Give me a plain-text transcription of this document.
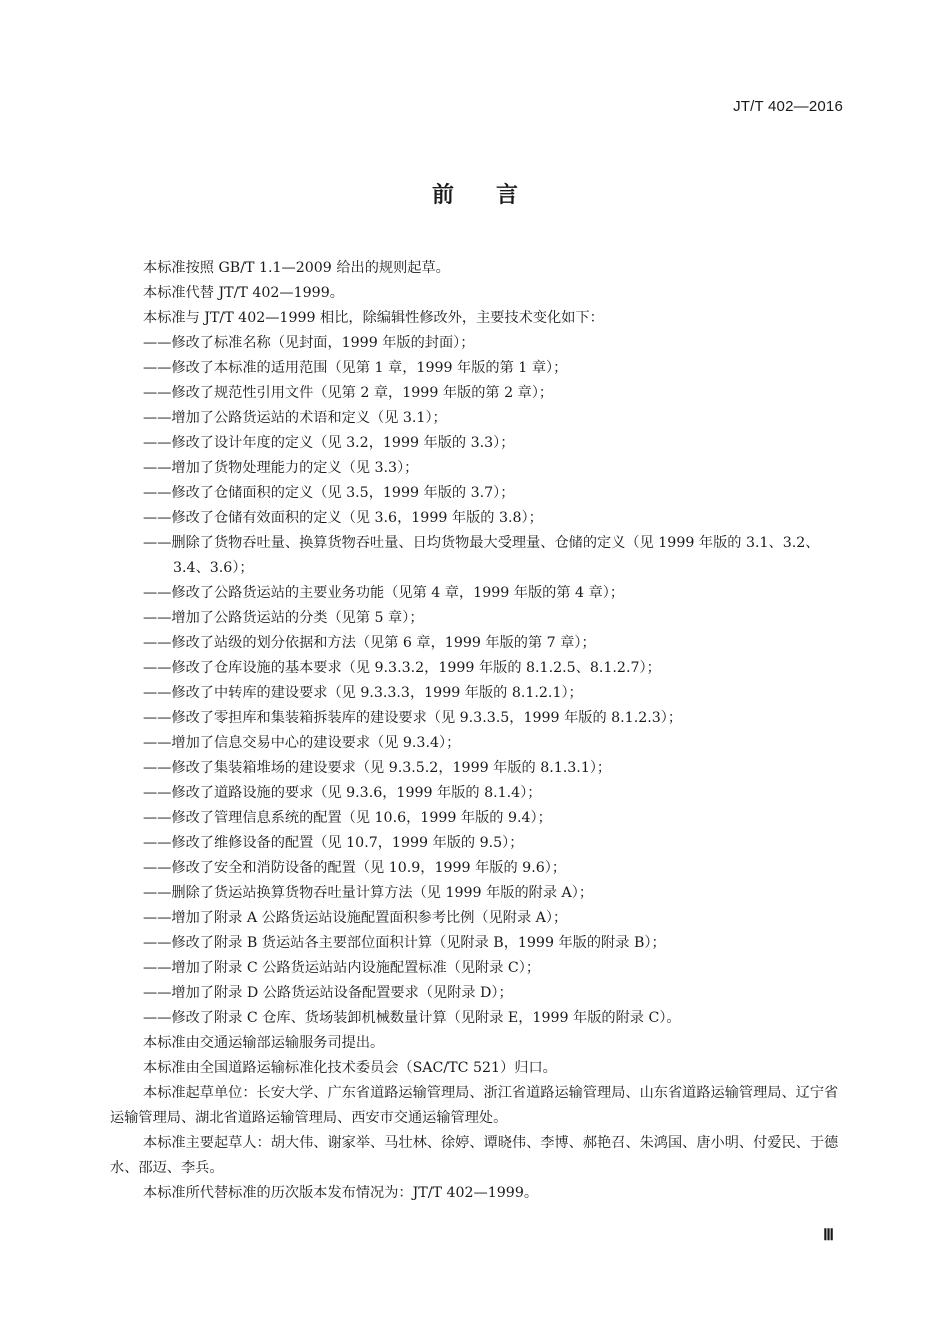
JT/T 402—2016
前言

本标准按照 GB/T 1.1—2009 给出的规则起草。

本标准代替 JT/T 402—1999。

本标准与 JT/T 402—1999 相比，除编辑性修改外，主要技术变化如下：

——修改了标准名称（见封面，1999 年版的封面）；

——修改了本标准的适用范围（见第 1 章，1999 年版的第 1 章）；

——修改了规范性引用文件（见第 2 章，1999 年版的第 2 章）；

——增加了公路货运站的术语和定义（见 3.1）；

——修改了设计年度的定义（见 3.2，1999 年版的 3.3）；

——增加了货物处理能力的定义（见 3.3）；

——修改了仓储面积的定义（见 3.5，1999 年版的 3.7）；

——修改了仓储有效面积的定义（见 3.6，1999 年版的 3.8）；

——删除了货物吞吐量、换算货物吞吐量、日均货物最大受理量、仓储的定义（见 1999 年版的 3.1、3.2、3.4、3.6）；

——修改了公路货运站的主要业务功能（见第 4 章，1999 年版的第 4 章）；

——增加了公路货运站的分类（见第 5 章）；

——修改了站级的划分依据和方法（见第 6 章，1999 年版的第 7 章）；

——修改了仓库设施的基本要求（见 9.3.3.2，1999 年版的 8.1.2.5、8.1.2.7）；

——修改了中转库的建设要求（见 9.3.3.3，1999 年版的 8.1.2.1）；

——修改了零担库和集装箱拆装库的建设要求（见 9.3.3.5，1999 年版的 8.1.2.3）；

——增加了信息交易中心的建设要求（见 9.3.4）；

——修改了集装箱堆场的建设要求（见 9.3.5.2，1999 年版的 8.1.3.1）；

——修改了道路设施的要求（见 9.3.6，1999 年版的 8.1.4）；

——修改了管理信息系统的配置（见 10.6，1999 年版的 9.4）；

——修改了维修设备的配置（见 10.7，1999 年版的 9.5）；

——修改了安全和消防设备的配置（见 10.9，1999 年版的 9.6）；

——删除了货运站换算货物吞吐量计算方法（见 1999 年版的附录 A）；

——增加了附录 A 公路货运站设施配置面积参考比例（见附录 A）；

——修改了附录 B 货运站各主要部位面积计算（见附录 B，1999 年版的附录 B）；

——增加了附录 C 公路货运站站内设施配置标准（见附录 C）；

——增加了附录 D 公路货运站设备配置要求（见附录 D）；

——修改了附录 C 仓库、货场装卸机械数量计算（见附录 E，1999 年版的附录 C）。

本标准由交通运输部运输服务司提出。

本标准由全国道路运输标准化技术委员会（SAC/TC 521）归口。

本标准起草单位：长安大学、广东省道路运输管理局、浙江省道路运输管理局、山东省道路运输管理局、辽宁省运输管理局、湖北省道路运输管理局、西安市交通运输管理处。

本标准主要起草人：胡大伟、谢家举、马壮林、徐婷、谭晓伟、李博、郝艳召、朱鸿国、唐小明、付爱民、于德水、邵迈、李兵。

本标准所代替标准的历次版本发布情况为：JT/T 402—1999。

Ⅲ
